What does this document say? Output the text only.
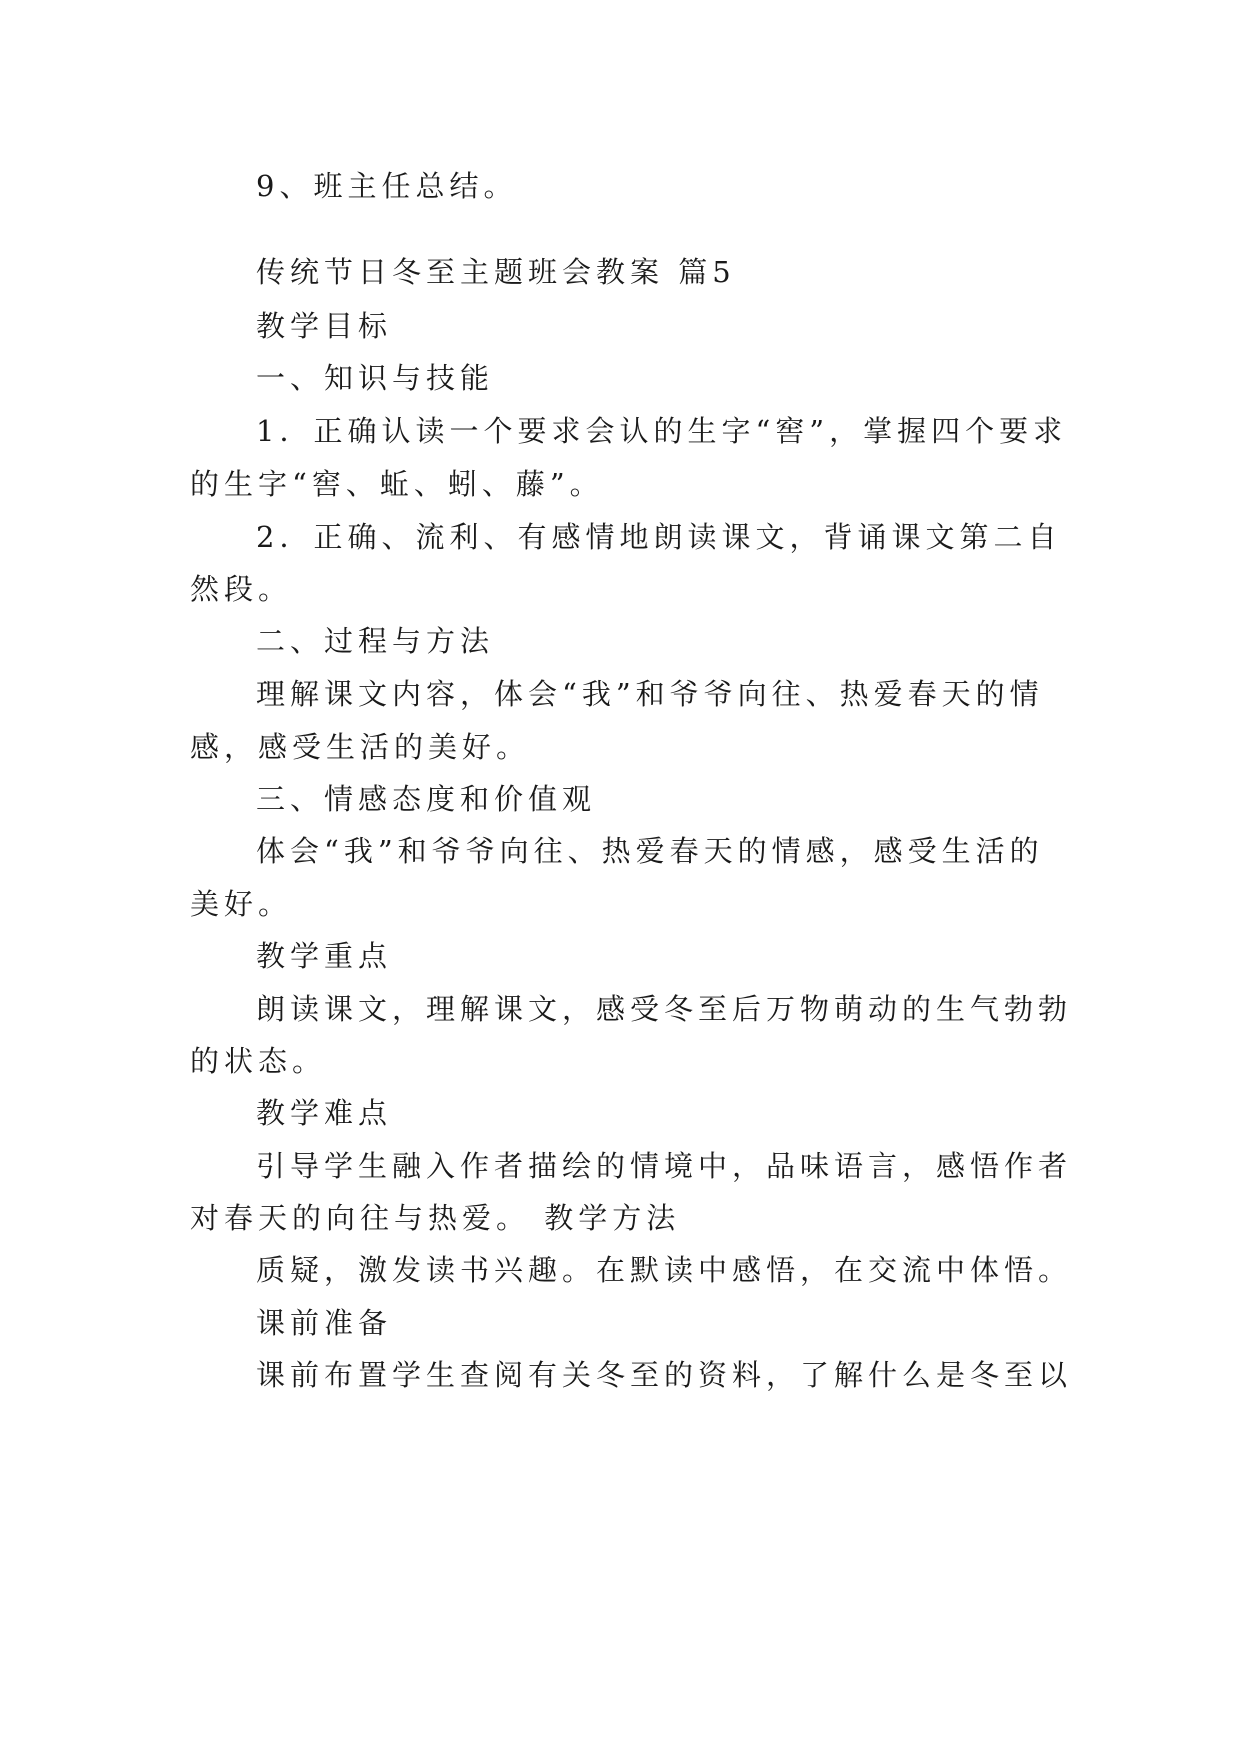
9、班主任总结。
传统节日冬至主题班会教案 篇5
教学目标
一、知识与技能
1．正确认读一个要求会认的生字“窖”，掌握四个要求
的生字“窖、蚯、蚓、藤”。
2．正确、流利、有感情地朗读课文，背诵课文第二自
然段。
二、过程与方法
理解课文内容，体会“我”和爷爷向往、热爱春天的情
感，感受生活的美好。
三、情感态度和价值观
体会“我”和爷爷向往、热爱春天的情感，感受生活的
美好。
教学重点
朗读课文，理解课文，感受冬至后万物萌动的生气勃勃
的状态。
教学难点
引导学生融入作者描绘的情境中，品味语言，感悟作者
对春天的向往与热爱。 教学方法
质疑，激发读书兴趣。在默读中感悟，在交流中体悟。
课前准备
课前布置学生查阅有关冬至的资料，了解什么是冬至以
